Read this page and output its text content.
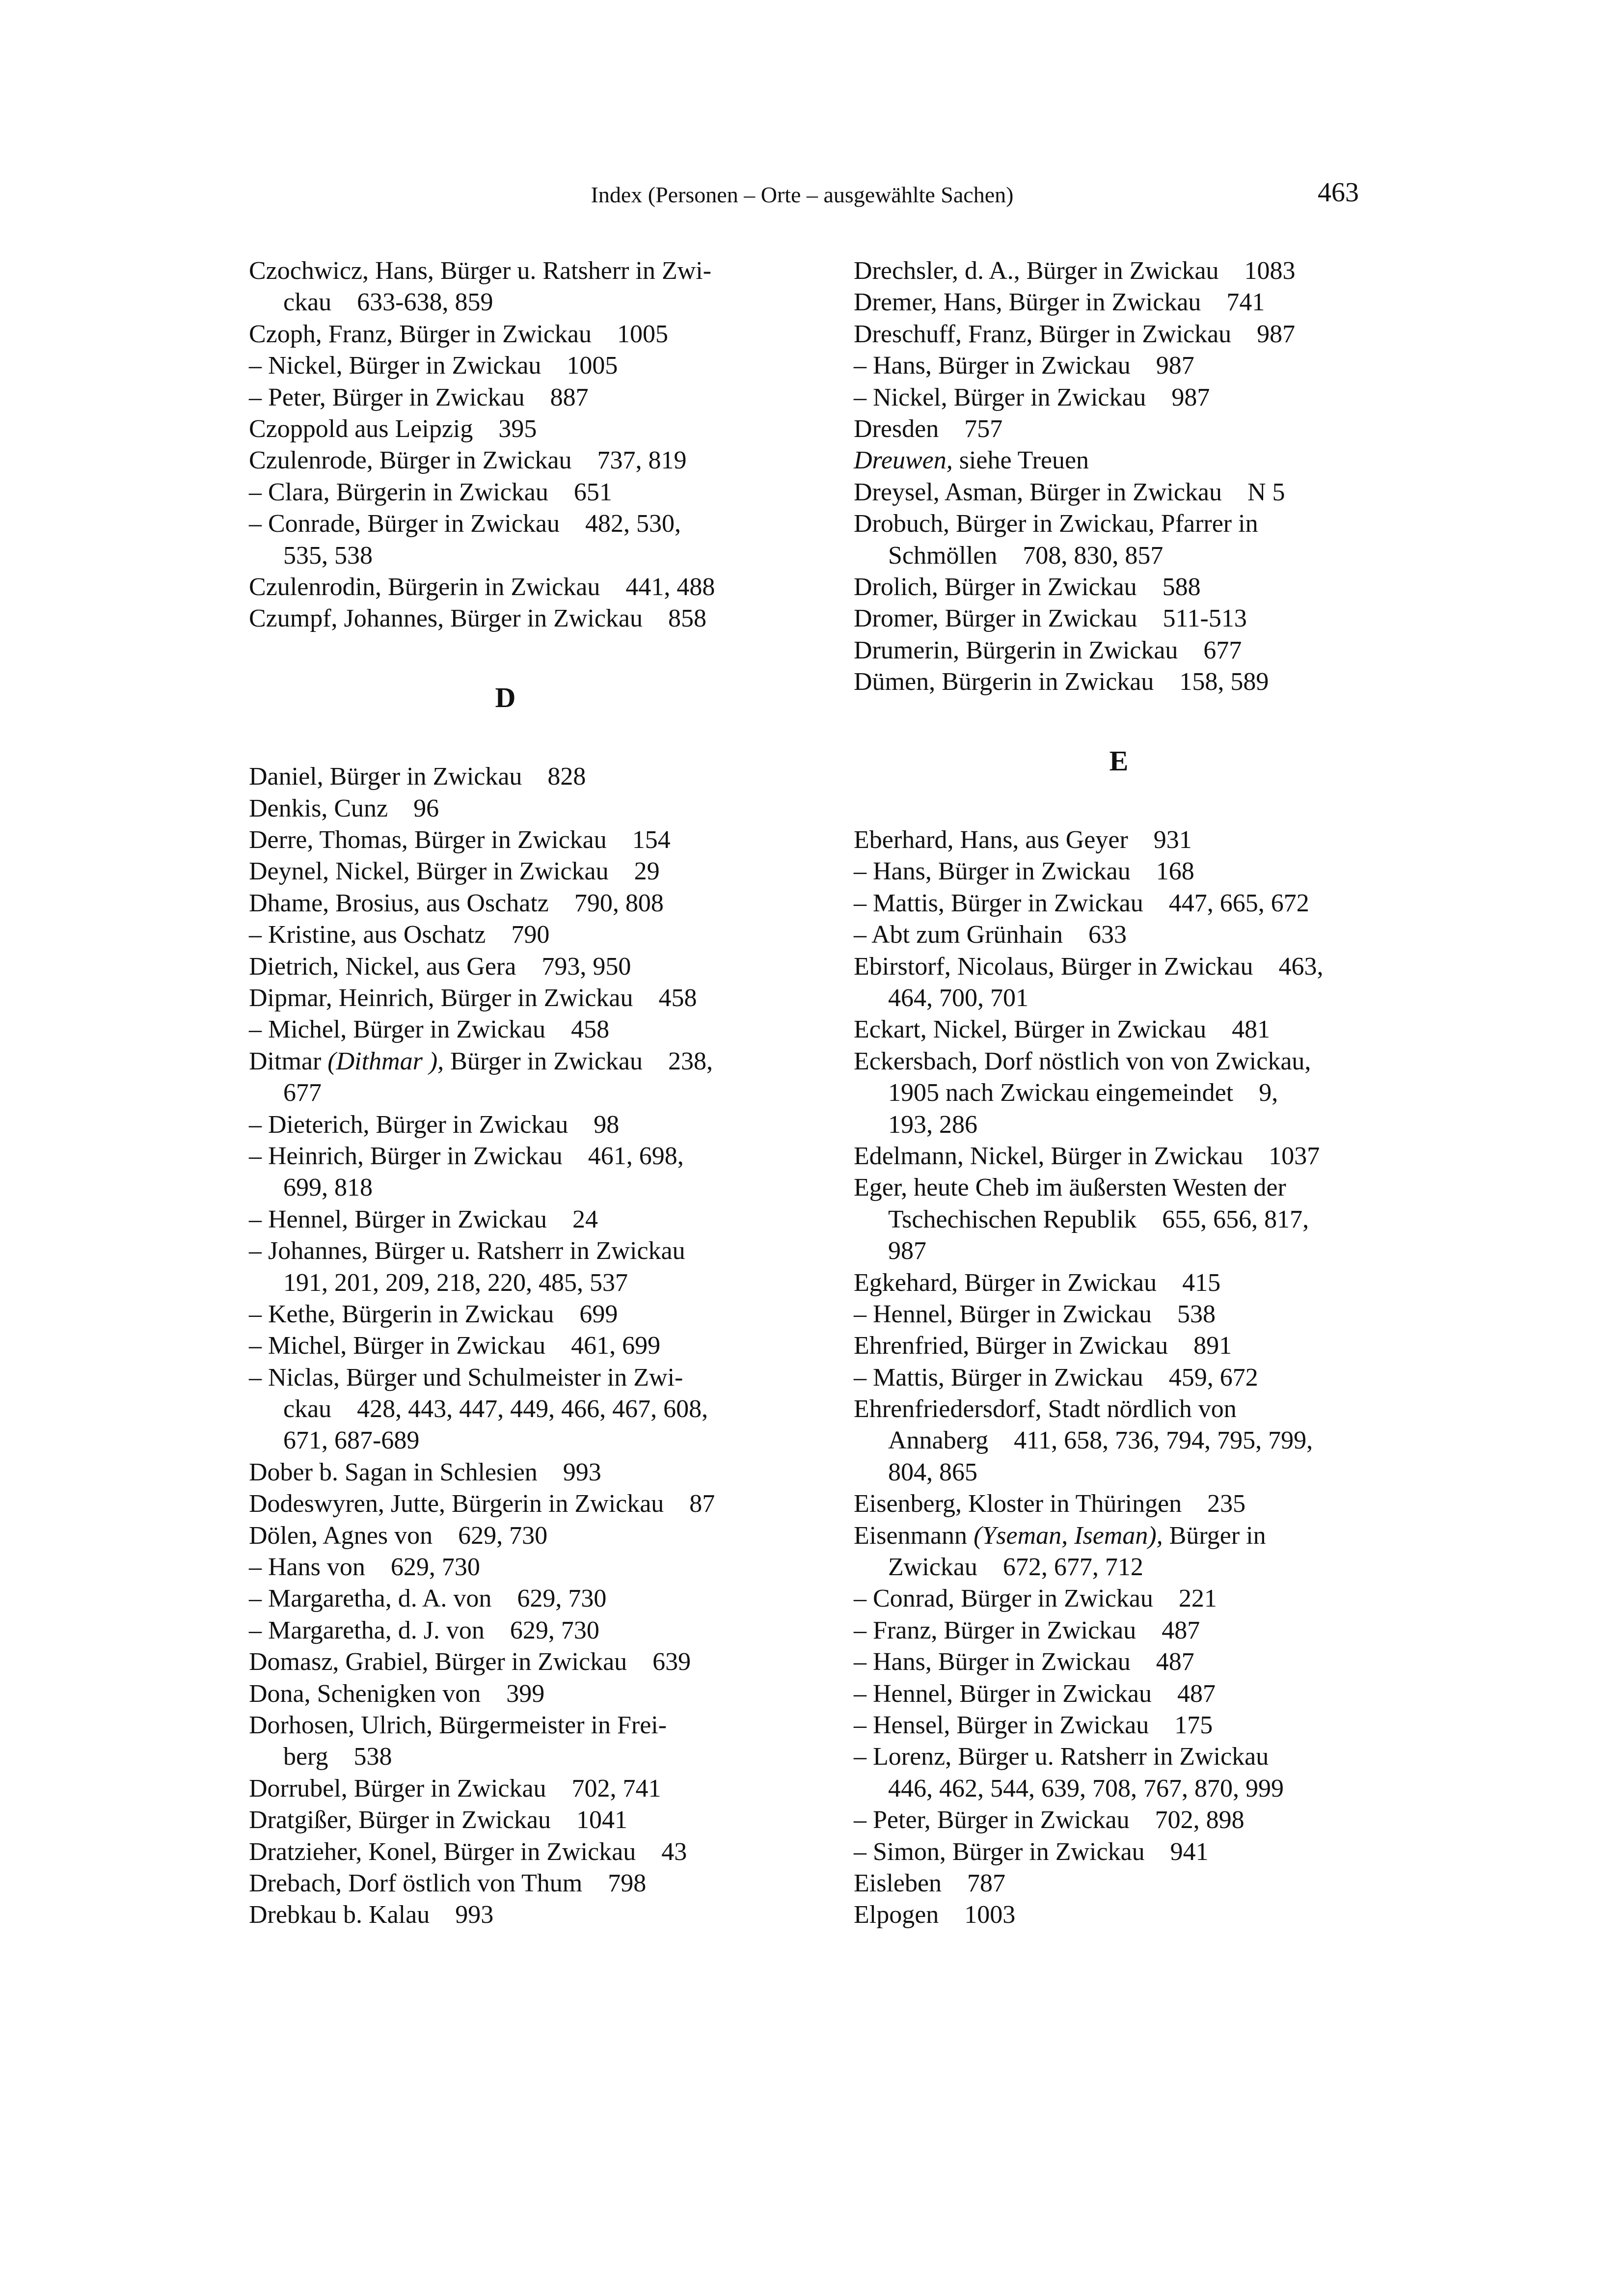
Index (Personen – Orte – ausgewählte Sachen)	463
Czochwicz, Hans, Bürger u. Ratsherr in Zwi-
ckau    633-638, 859
Czoph, Franz, Bürger in Zwickau    1005
– Nickel, Bürger in Zwickau    1005
– Peter, Bürger in Zwickau    887
Czoppold aus Leipzig    395
Czulenrode, Bürger in Zwickau    737, 819
– Clara, Bürgerin in Zwickau    651
– Conrade, Bürger in Zwickau    482, 530,
535, 538
Czulenrodin, Bürgerin in Zwickau    441, 488
Czumpf, Johannes, Bürger in Zwickau    858
D
Daniel, Bürger in Zwickau    828
Denkis, Cunz    96
Derre, Thomas, Bürger in Zwickau    154
Deynel, Nickel, Bürger in Zwickau    29
Dhame, Brosius, aus Oschatz    790, 808
– Kristine, aus Oschatz    790
Dietrich, Nickel, aus Gera    793, 950
Dipmar, Heinrich, Bürger in Zwickau    458
– Michel, Bürger in Zwickau    458
Ditmar (Dithmar ), Bürger in Zwickau    238,
677
– Dieterich, Bürger in Zwickau    98
– Heinrich, Bürger in Zwickau    461, 698,
699, 818
– Hennel, Bürger in Zwickau    24
– Johannes, Bürger u. Ratsherr in Zwickau
191, 201, 209, 218, 220, 485, 537
– Kethe, Bürgerin in Zwickau    699
– Michel, Bürger in Zwickau    461, 699
– Niclas, Bürger und Schulmeister in Zwi-
ckau    428, 443, 447, 449, 466, 467, 608,
671, 687-689
Dober b. Sagan in Schlesien    993
Dodeswyren, Jutte, Bürgerin in Zwickau    87
Dölen, Agnes von    629, 730
– Hans von    629, 730
– Margaretha, d. A. von    629, 730
– Margaretha, d. J. von    629, 730
Domasz, Grabiel, Bürger in Zwickau    639
Dona, Schenigken von    399
Dorhosen, Ulrich, Bürgermeister in Frei-
berg    538
Dorrubel, Bürger in Zwickau    702, 741
Dratgißer, Bürger in Zwickau    1041
Dratzieher, Konel, Bürger in Zwickau    43
Drebach, Dorf östlich von Thum    798
Drebkau b. Kalau    993
Drechsler, d. A., Bürger in Zwickau    1083
Dremer, Hans, Bürger in Zwickau    741
Dreschuff, Franz, Bürger in Zwickau    987
– Hans, Bürger in Zwickau    987
– Nickel, Bürger in Zwickau    987
Dresden    757
Dreuwen, siehe Treuen
Dreysel, Asman, Bürger in Zwickau    N 5
Drobuch, Bürger in Zwickau, Pfarrer in
Schmöllen    708, 830, 857
Drolich, Bürger in Zwickau    588
Dromer, Bürger in Zwickau    511-513
Drumerin, Bürgerin in Zwickau    677
Dümen, Bürgerin in Zwickau    158, 589
E
Eberhard, Hans, aus Geyer    931
– Hans, Bürger in Zwickau    168
– Mattis, Bürger in Zwickau    447, 665, 672
– Abt zum Grünhain    633
Ebirstorf, Nicolaus, Bürger in Zwickau    463,
464, 700, 701
Eckart, Nickel, Bürger in Zwickau    481
Eckersbach, Dorf nöstlich von von Zwickau,
1905 nach Zwickau eingemeindet    9,
193, 286
Edelmann, Nickel, Bürger in Zwickau    1037
Eger, heute Cheb im äußersten Westen der
Tschechischen Republik    655, 656, 817,
987
Egkehard, Bürger in Zwickau    415
– Hennel, Bürger in Zwickau    538
Ehrenfried, Bürger in Zwickau    891
– Mattis, Bürger in Zwickau    459, 672
Ehrenfriedersdorf, Stadt nördlich von
Annaberg    411, 658, 736, 794, 795, 799,
804, 865
Eisenberg, Kloster in Thüringen    235
Eisenmann (Yseman, Iseman), Bürger in
Zwickau    672, 677, 712
– Conrad, Bürger in Zwickau    221
– Franz, Bürger in Zwickau    487
– Hans, Bürger in Zwickau    487
– Hennel, Bürger in Zwickau    487
– Hensel, Bürger in Zwickau    175
– Lorenz, Bürger u. Ratsherr in Zwickau
446, 462, 544, 639, 708, 767, 870, 999
– Peter, Bürger in Zwickau    702, 898
– Simon, Bürger in Zwickau    941
Eisleben    787
Elpogen    1003
